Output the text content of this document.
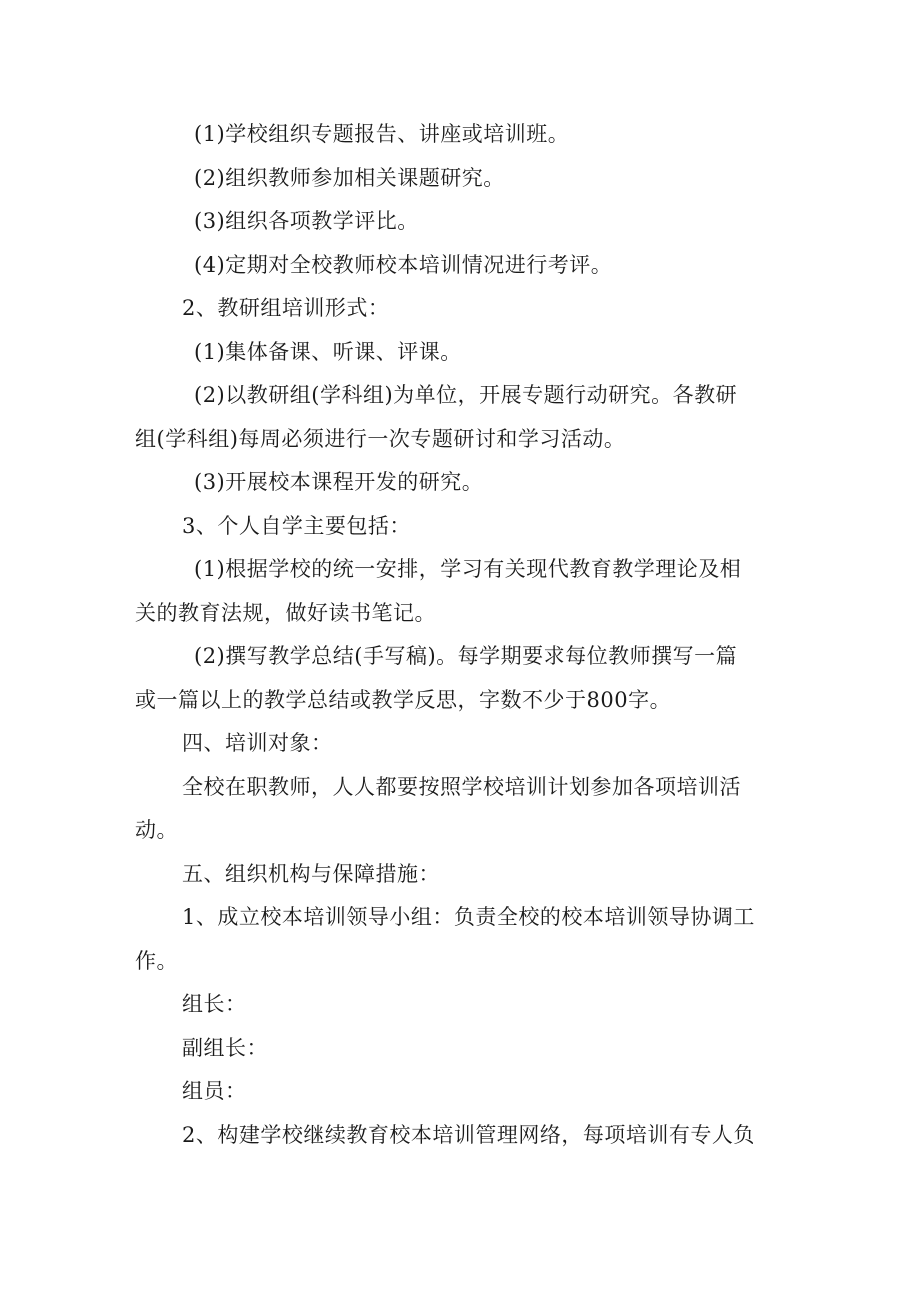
(1)学校组织专题报告、讲座或培训班。
(2)组织教师参加相关课题研究。
(3)组织各项教学评比。
(4)定期对全校教师校本培训情况进行考评。
2、教研组培训形式：
(1)集体备课、听课、评课。
(2)以教研组(学科组)为单位，开展专题行动研究。各教研
组(学科组)每周必须进行一次专题研讨和学习活动。
(3)开展校本课程开发的研究。
3、个人自学主要包括：
(1)根据学校的统一安排，学习有关现代教育教学理论及相
关的教育法规，做好读书笔记。
(2)撰写教学总结(手写稿)。每学期要求每位教师撰写一篇
或一篇以上的教学总结或教学反思，字数不少于800字。
四、培训对象：
全校在职教师，人人都要按照学校培训计划参加各项培训活
动。
五、组织机构与保障措施：
1、成立校本培训领导小组：负责全校的校本培训领导协调工
作。
组长：
副组长：
组员：
2、构建学校继续教育校本培训管理网络，每项培训有专人负
